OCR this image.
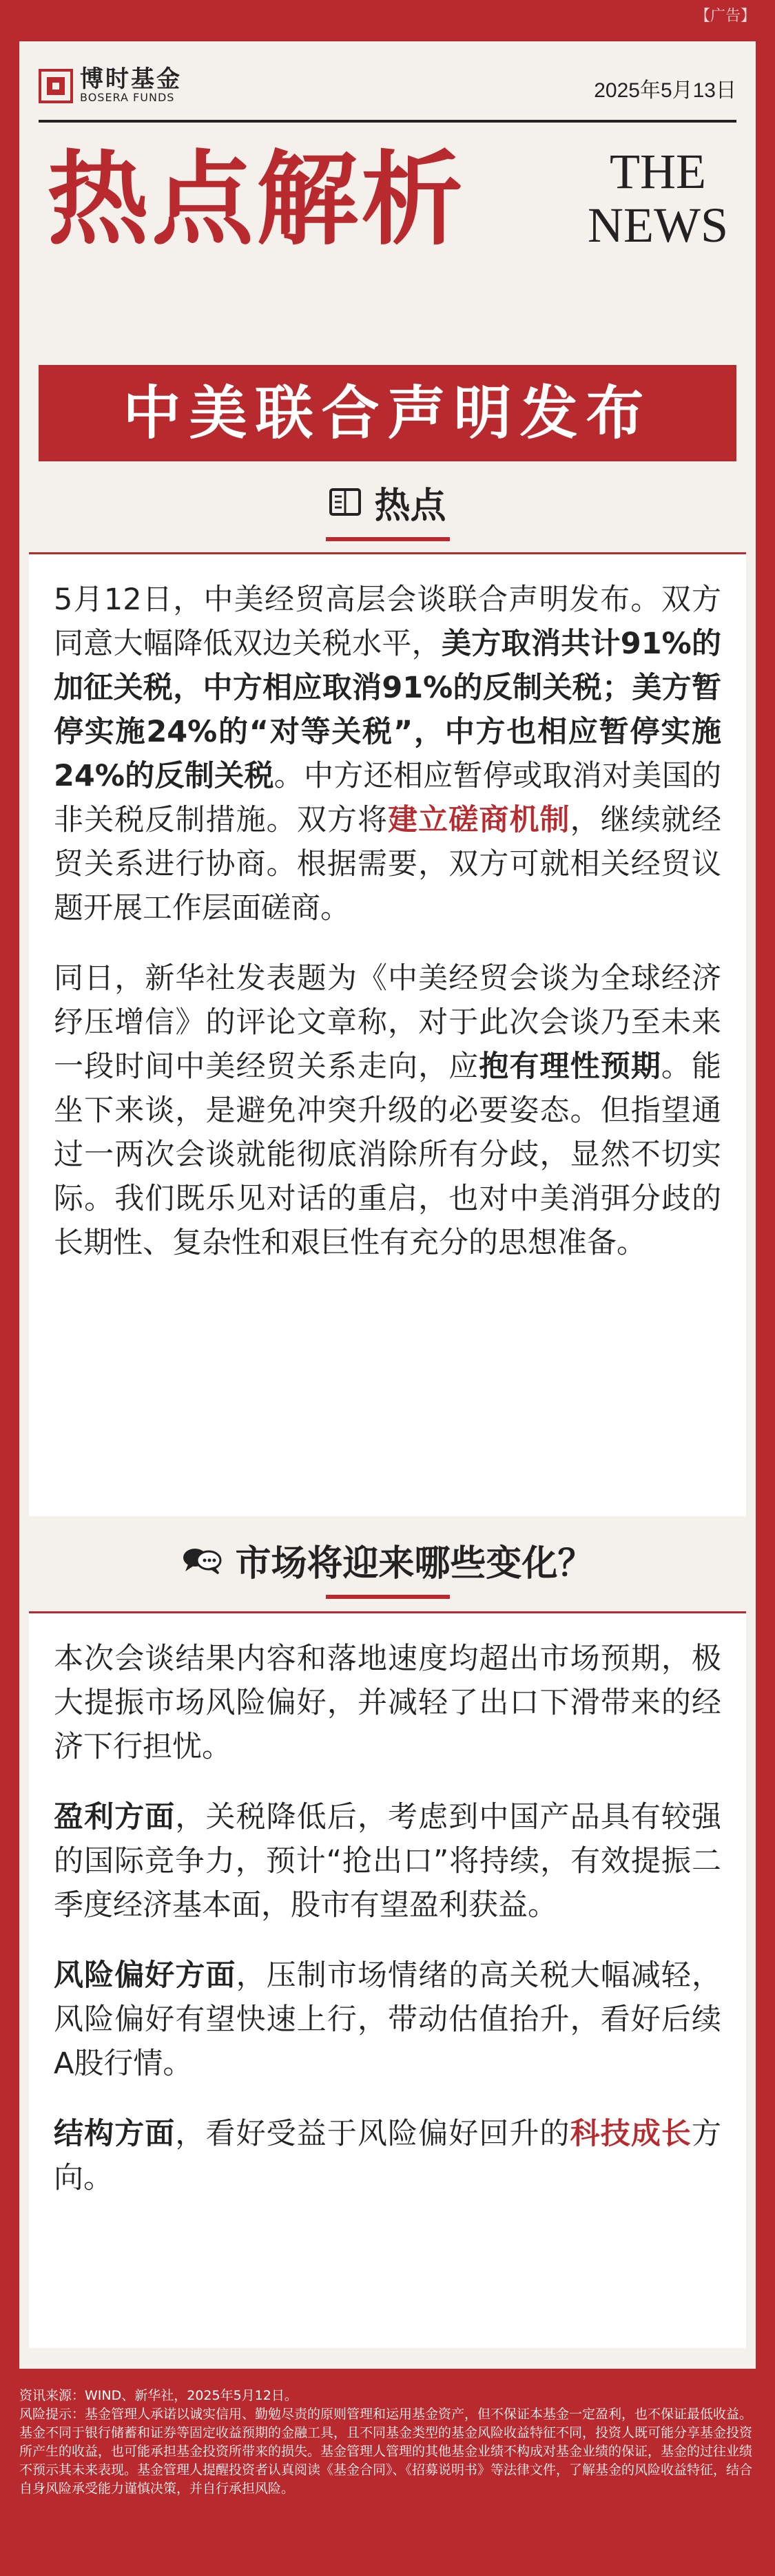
【广告】
博时基金
BOSERA FUNDS	2025年5月13日
热点解析	THE
NEWS
中美联合声明发布
热点

5月12日，中美经贸高层会谈联合声明发布。双方同意大幅降低双边关税水平，美方取消共计91%的加征关税，中方相应取消91%的反制关税；美方暂停实施24%的“对等关税”，中方也相应暂停实施24%的反制关税。中方还相应暂停或取消对美国的非关税反制措施。双方将建立磋商机制，继续就经贸关系进行协商。根据需要，双方可就相关经贸议题开展工作层面磋商。

同日，新华社发表题为《中美经贸会谈为全球经济纾压增信》的评论文章称，对于此次会谈乃至未来一段时间中美经贸关系走向，应抱有理性预期。能坐下来谈，是避免冲突升级的必要姿态。但指望通过一两次会谈就能彻底消除所有分歧，显然不切实际。我们既乐见对话的重启，也对中美消弭分歧的长期性、复杂性和艰巨性有充分的思想准备。

市场将迎来哪些变化？

本次会谈结果内容和落地速度均超出市场预期，极大提振市场风险偏好，并减轻了出口下滑带来的经济下行担忧。

盈利方面，关税降低后，考虑到中国产品具有较强的国际竞争力，预计“抢出口”将持续，有效提振二季度经济基本面，股市有望盈利获益。

风险偏好方面，压制市场情绪的高关税大幅减轻，风险偏好有望快速上行，带动估值抬升，看好后续A股行情。

结构方面，看好受益于风险偏好回升的科技成长方向。

资讯来源：WIND、新华社，2025年5月12日。
风险提示：基金管理人承诺以诚实信用、勤勉尽责的原则管理和运用基金资产，但不保证本基金一定盈利，也不保证最低收益。基金不同于银行储蓄和证券等固定收益预期的金融工具，且不同基金类型的基金风险收益特征不同，投资人既可能分享基金投资所产生的收益，也可能承担基金投资所带来的损失。基金管理人管理的其他基金业绩不构成对基金业绩的保证，基金的过往业绩不预示其未来表现。基金管理人提醒投资者认真阅读《基金合同》、《招募说明书》等法律文件，了解基金的风险收益特征，结合自身风险承受能力谨慎决策，并自行承担风险。
